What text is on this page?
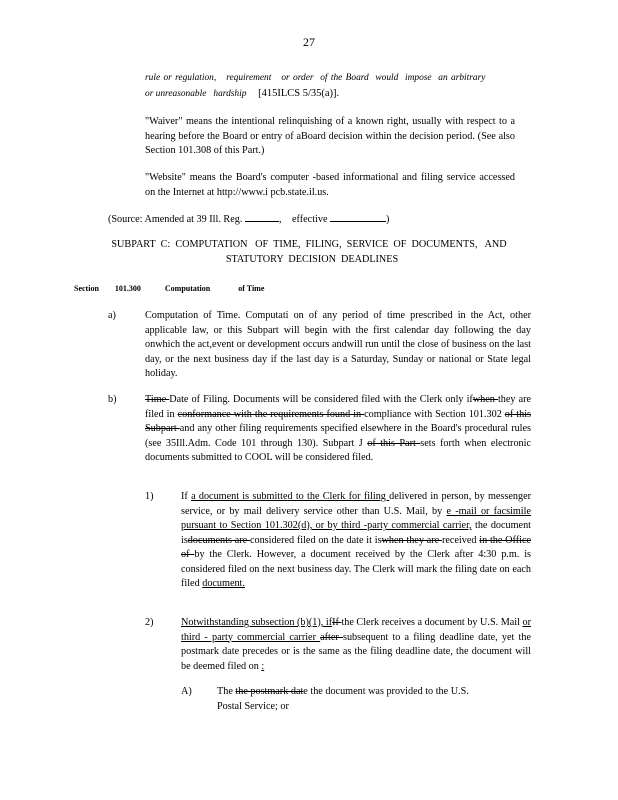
27
rule or regulation,   requirement   or order  of the Board  would  impose  an arbitrary
or unreasonable   hardship [415ILCS 5/35(a)].

"Waiver" means the intentional relinquishing of a known right, usually with respect to a hearing before the Board or entry of aBoard decision within the decision period. (See also Section 101.308 of this Part.)

"Website" means the Board's computer -based informational and filing service accessed on the Internet at http://www.i pcb.state.il.us.

(Source: Amended at 39 Ill. Reg.	, effective	)
SUBPART  C:  COMPUTATION   OF  TIME,  FILING,  SERVICE  OF  DOCUMENTS,   AND
STATUTORY  DECISION  DEADLINES
Section 101.300	Computation	of Time
a)	Computation of Time. Computati on of any period of time prescribed in the Act, other applicable law, or this Subpart will begin with the first calendar day following the day onwhich the act,event or development occurs andwill run until the close of business on the last day, or the next business day if the last day is a Saturday, Sunday or national or State legal holiday.

b)	Time Date of Filing. Documents will be considered filed with the Clerk only ifwhen they are filed in conformance with the requirements found in compliance with Section 101.302 of this Subpart and any other filing requirements specified elsewhere in the Board's procedural rules (see 35Ill.Adm. Code 101 through 130). Subpart J of this Part sets forth when electronic documents submitted to COOL will be considered filed.

1)	If a document is submitted to the Clerk for filing delivered in person, by messenger service, or by mail delivery service other than U.S. Mail, by e -mail or facsimile pursuant to Section 101.302(d), or by third -party commercial carrier, the document isdocuments are considered filed on the date it iswhen they are received in the Office of by the Clerk. However, a document received by the Clerk after 4:30 p.m. is considered filed on the next business day. The Clerk will mark the filing date on each filed document.

2)	Notwithstanding subsection (b)(1), ifIf the Clerk receives a document by U.S. Mail or third - party commercial carrier after subsequent to a filing deadline date, yet the postmark date precedes or is the same as the filing deadline date, the document will be deemed filed on :

A) The the postmark date the document was provided to the U.S.
Postal Service; or
